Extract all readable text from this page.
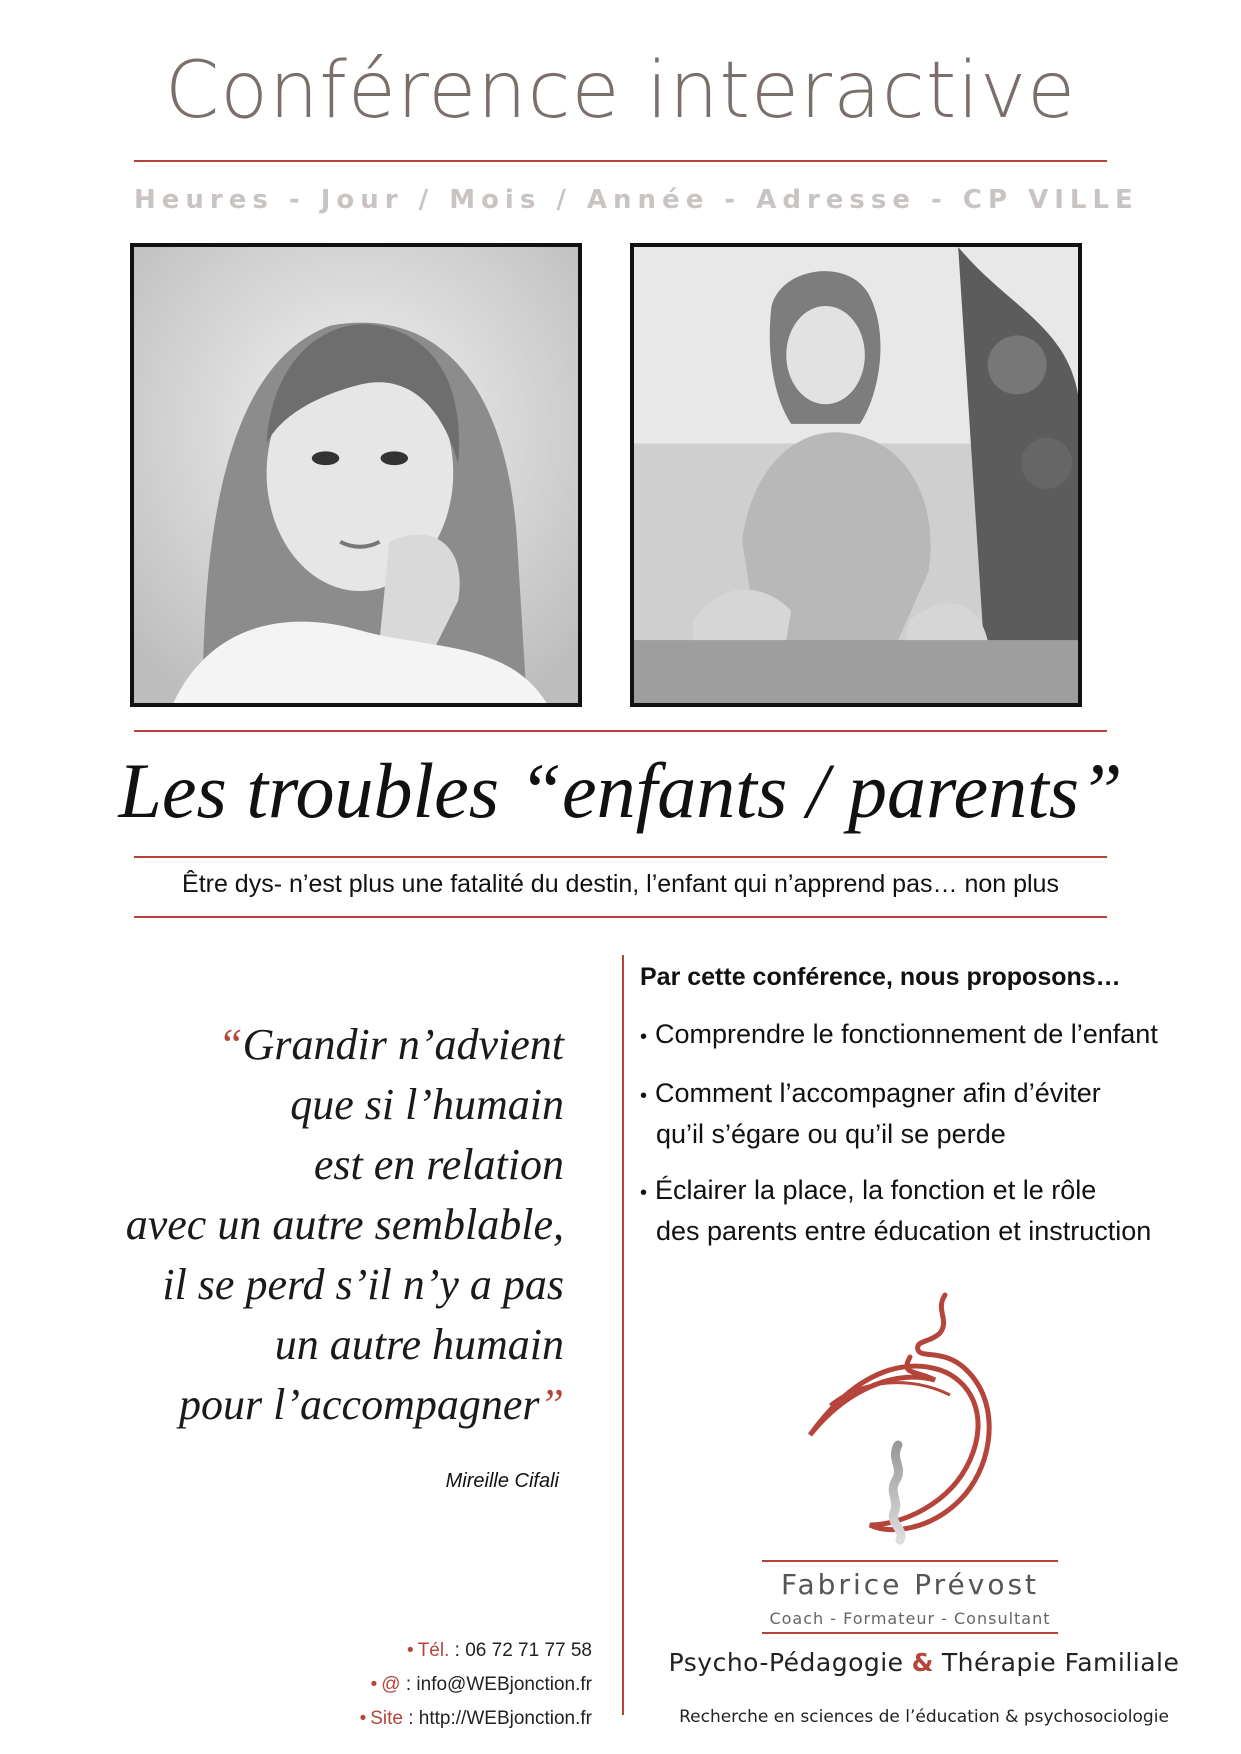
Conférence interactive
Heures - Jour / Mois / Année - Adresse - CP VILLE
Les troubles “enfants / parents”
Être dys- n’est plus une fatalité du destin, l’enfant qui n’apprend pas… non plus
“Grandir n’advient
que si l’humain
est en relation
avec un autre semblable,
il se perd s’il n’y a pas
un autre humain
pour l’accompagner”
Mireille Cifali
Par cette conférence, nous proposons…
• Comprendre le fonctionnement de l’enfant
• Comment l’accompagner afin d’éviter
qu’il s’égare ou qu’il se perde
• Éclairer la place, la fonction et le rôle
des parents entre éducation et instruction
Fabrice Prévost
Coach - Formateur - Consultant
Psycho-Pédagogie & Thérapie Familiale
Recherche en sciences de l’éducation & psychosociologie
• Tél. : 06 72 71 77 58
• @ : info@WEBjonction.fr
• Site : http://WEBjonction.fr
